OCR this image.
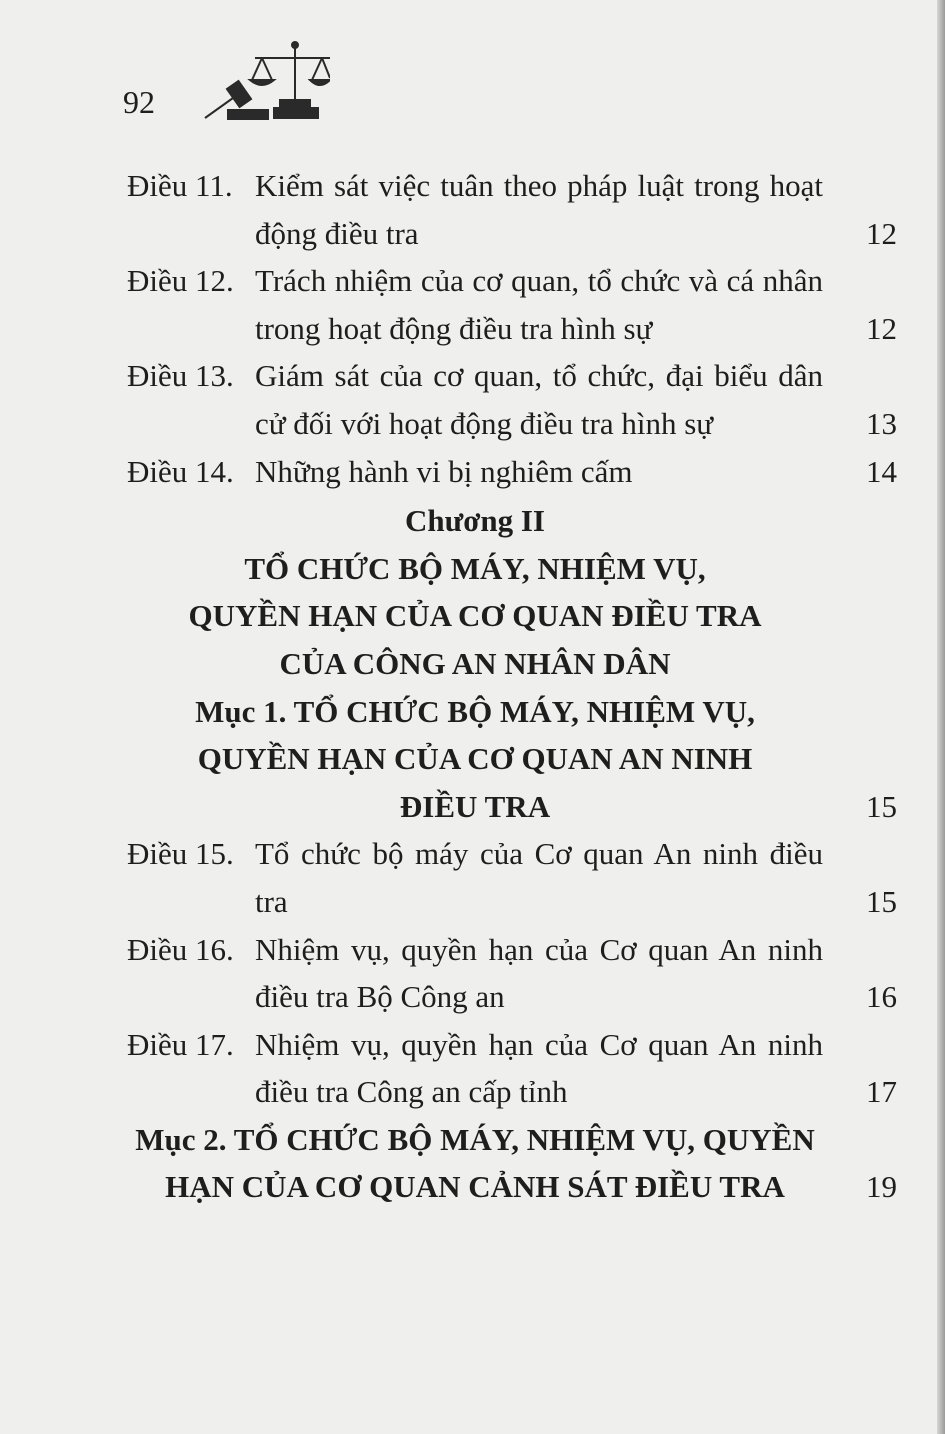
92
Điều 11. Kiểm sát việc tuân theo pháp luật trong hoạt động điều tra	12
Điều 12. Trách nhiệm của cơ quan, tổ chức và cá nhân trong hoạt động điều tra hình sự	12
Điều 13. Giám sát của cơ quan, tổ chức, đại biểu dân cử đối với hoạt động điều tra hình sự	13
Điều 14. Những hành vi bị nghiêm cấm	14
Chương II
TỔ CHỨC BỘ MÁY, NHIỆM VỤ,
QUYỀN HẠN CỦA CƠ QUAN ĐIỀU TRA
CỦA CÔNG AN NHÂN DÂN
Mục 1. TỔ CHỨC BỘ MÁY, NHIỆM VỤ,
QUYỀN HẠN CỦA CƠ QUAN AN NINH
ĐIỀU TRA	15
Điều 15. Tổ chức bộ máy của Cơ quan An ninh điều tra	15
Điều 16. Nhiệm vụ, quyền hạn của Cơ quan An ninh điều tra Bộ Công an	16
Điều 17. Nhiệm vụ, quyền hạn của Cơ quan An ninh điều tra Công an cấp tỉnh	17
Mục 2. TỔ CHỨC BỘ MÁY, NHIỆM VỤ, QUYỀN
HẠN CỦA CƠ QUAN CẢNH SÁT ĐIỀU TRA	19
